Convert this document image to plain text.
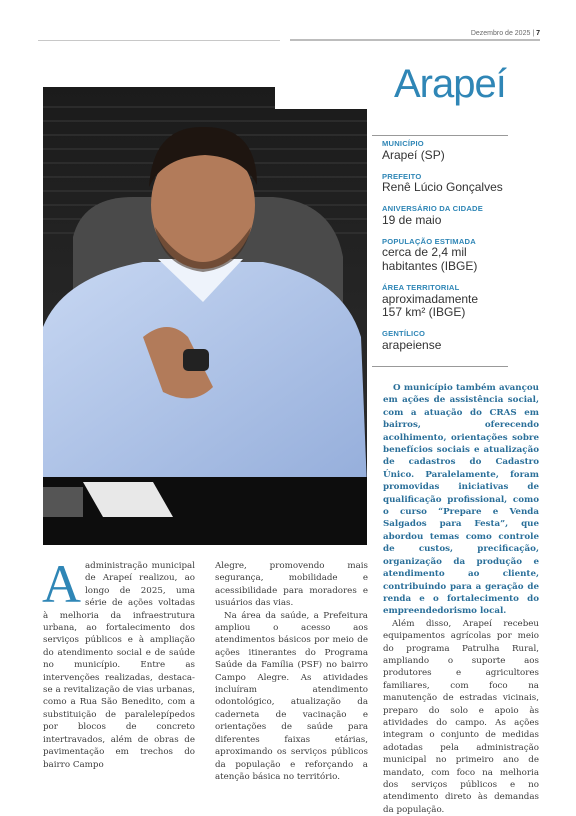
Dezembro de 2025 | 7
Arapeí
MUNICÍPIO
Arapeí (SP)
PREFEITO
Renê Lúcio Gonçalves
ANIVERSÁRIO DA CIDADE
19 de maio
POPULAÇÃO ESTIMADA
cerca de 2,4 mil habitantes (IBGE)
ÁREA TERRITORIAL
aproximadamente 157 km² (IBGE)
GENTÍLICO
arapeiense
A administração municipal de Arapeí realizou, ao longo de 2025, uma série de ações voltadas à melhoria da infraestrutura urbana, ao fortalecimento dos serviços públicos e à ampliação do atendimento social e de saúde no município. Entre as intervenções realizadas, destaca-se a revitalização de vias urbanas, como a Rua São Benedito, com a substituição de paralelepípedos por blocos de concreto intertravados, além de obras de pavimentação em trechos do bairro Campo

Alegre, promovendo mais segurança, mobilidade e acessibilidade para moradores e usuários das vias.

Na área da saúde, a Prefeitura ampliou o acesso aos atendimentos básicos por meio de ações itinerantes do Programa Saúde da Família (PSF) no bairro Campo Alegre. As atividades incluíram atendimento odontológico, atualização da caderneta de vacinação e orientações de saúde para diferentes faixas etárias, aproximando os serviços públicos da população e reforçando a atenção básica no território.

O município também avançou em ações de assistência social, com a atuação do CRAS em bairros, oferecendo acolhimento, orientações sobre benefícios sociais e atualização de cadastros do Cadastro Único. Paralelamente, foram promovidas iniciativas de qualificação profissional, como o curso “Prepare e Venda Salgados para Festa”, que abordou temas como controle de custos, precificação, organização da produção e atendimento ao cliente, contribuindo para a geração de renda e o fortalecimento do empreendedorismo local.

Além disso, Arapeí recebeu equipamentos agrícolas por meio do programa Patrulha Rural, ampliando o suporte aos produtores e agricultores familiares, com foco na manutenção de estradas vicinais, preparo do solo e apoio às atividades do campo. As ações integram o conjunto de medidas adotadas pela administração municipal no primeiro ano de mandato, com foco na melhoria dos serviços públicos e no atendimento direto às demandas da população.
